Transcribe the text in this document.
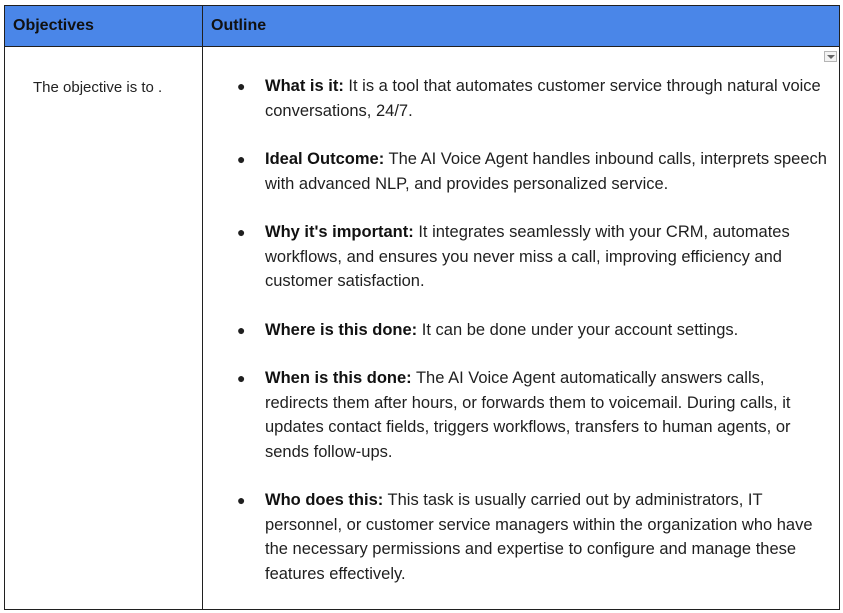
Objectives	Outline
The objective is to .	● What is it: It is a tool that automates customer service through natural voice conversations, 24/7.
● Ideal Outcome: The AI Voice Agent handles inbound calls, interprets speech with advanced NLP, and provides personalized service.
● Why it's important: It integrates seamlessly with your CRM, automates workflows, and ensures you never miss a call, improving efficiency and customer satisfaction.
● Where is this done: It can be done under your account settings.
● When is this done: The AI Voice Agent automatically answers calls, redirects them after hours, or forwards them to voicemail. During calls, it updates contact fields, triggers workflows, transfers to human agents, or sends follow-ups.
● Who does this: This task is usually carried out by administrators, IT personnel, or customer service managers within the organization who have the necessary permissions and expertise to configure and manage these features effectively.
